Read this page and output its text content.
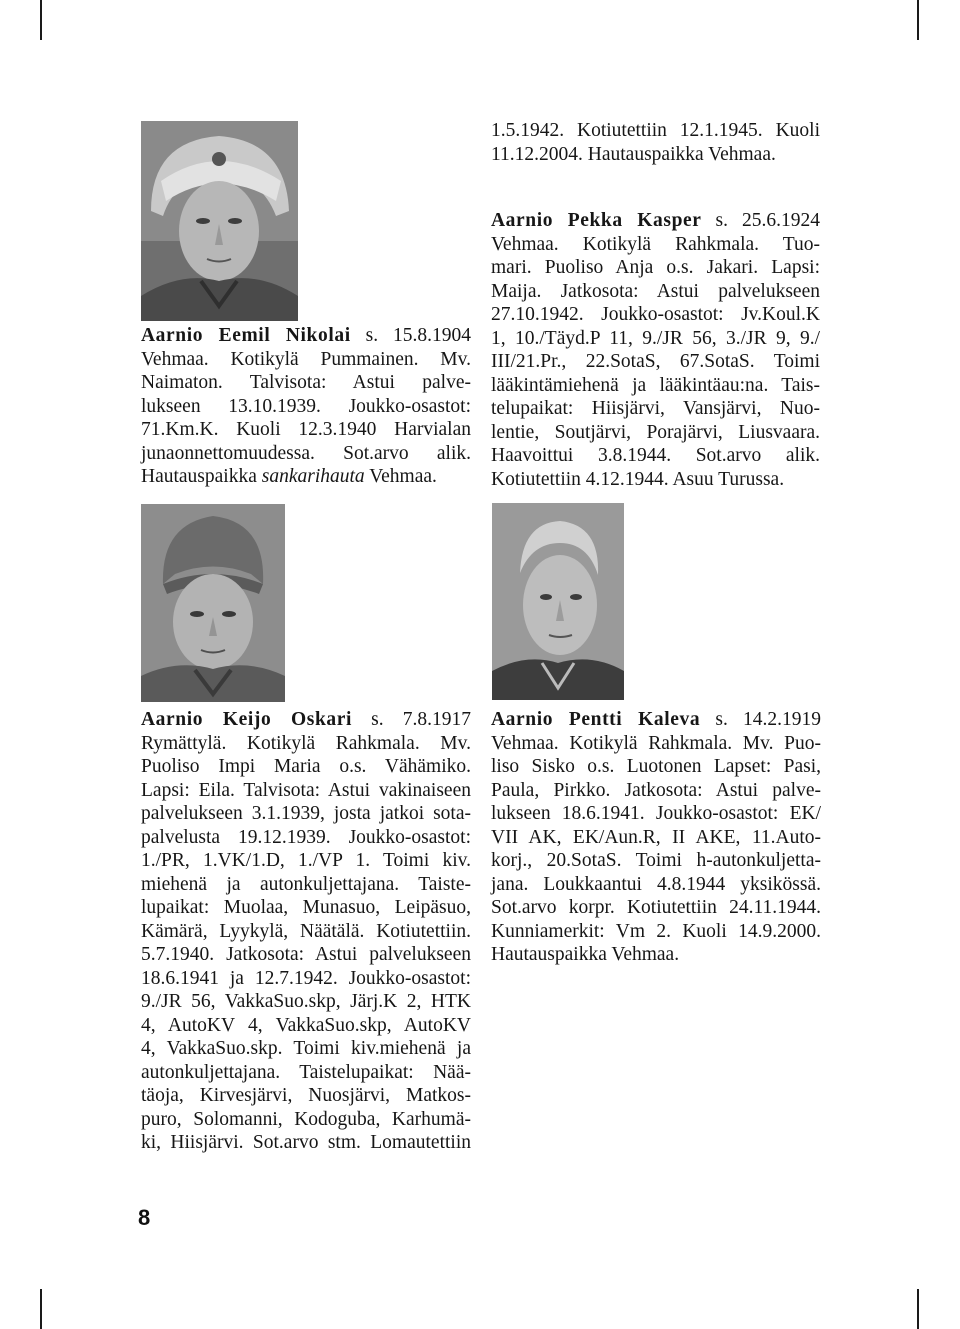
1.5.1942. Kotiutettiin 12.1.1945. Kuoli
11.12.2004. Hautauspaikka Vehmaa.
Aarnio Pekka Kasper s. 25.6.1924
Vehmaa. Kotikylä Rahkmala. Tuo-
mari. Puoliso Anja o.s. Jakari. Lapsi:
Maija. Jatkosota: Astui palvelukseen
27.10.1942. Joukko-osastot: Jv.Koul.K
1, 10./Täyd.P 11, 9./JR 56, 3./JR 9, 9./
III/21.Pr., 22.SotaS, 67.SotaS. Toimi
lääkintämiehenä ja lääkintäau:na. Tais-
telupaikat: Hiisjärvi, Vansjärvi, Nuo-
lentie, Soutjärvi, Porajärvi, Liusvaara.
Haavoittui 3.8.1944. Sot.arvo alik.
Kotiutettiin 4.12.1944. Asuu Turussa.
Aarnio Eemil Nikolai s. 15.8.1904
Vehmaa. Kotikylä Pummainen. Mv.
Naimaton. Talvisota: Astui palve-
lukseen 13.10.1939. Joukko-osastot:
71.Km.K. Kuoli 12.3.1940 Harvialan
junaonnettomuudessa. Sot.arvo alik.
Hautauspaikka sankarihauta Vehmaa.
Aarnio Keijo Oskari s. 7.8.1917
Rymättylä. Kotikylä Rahkmala. Mv.
Puoliso Impi Maria o.s. Vähämiko.
Lapsi: Eila. Talvisota: Astui vakinaiseen
palvelukseen 3.1.1939, josta jatkoi sota-
palvelusta 19.12.1939. Joukko-osastot:
1./PR, 1.VK/1.D, 1./VP 1. Toimi kiv.
miehenä ja autonkuljettajana. Taiste-
lupaikat: Muolaa, Munasuo, Leipäsuo,
Kämärä, Lyykylä, Näätälä. Kotiutettiin.
5.7.1940. Jatkosota: Astui palvelukseen
18.6.1941 ja 12.7.1942. Joukko-osastot:
9./JR 56, VakkaSuo.skp, Järj.K 2, HTK
4, AutoKV 4, VakkaSuo.skp, AutoKV
4, VakkaSuo.skp. Toimi kiv.miehenä ja
autonkuljettajana. Taistelupaikat: Nää-
täoja, Kirvesjärvi, Nuosjärvi, Matkos-
puro, Solomanni, Kodoguba, Karhumä-
ki, Hiisjärvi. Sot.arvo stm. Lomautettiin
Aarnio Pentti Kaleva s. 14.2.1919
Vehmaa. Kotikylä Rahkmala. Mv. Puo-
liso Sisko o.s. Luotonen Lapset: Pasi,
Paula, Pirkko. Jatkosota: Astui palve-
lukseen 18.6.1941. Joukko-osastot: EK/
VII AK, EK/Aun.R, II AKE, 11.Auto-
korj., 20.SotaS. Toimi h-autonkuljetta-
jana. Loukkaantui 4.8.1944 yksikössä.
Sot.arvo korpr. Kotiutettiin 24.11.1944.
Kunniamerkit: Vm 2. Kuoli 14.9.2000.
Hautauspaikka Vehmaa.
8
